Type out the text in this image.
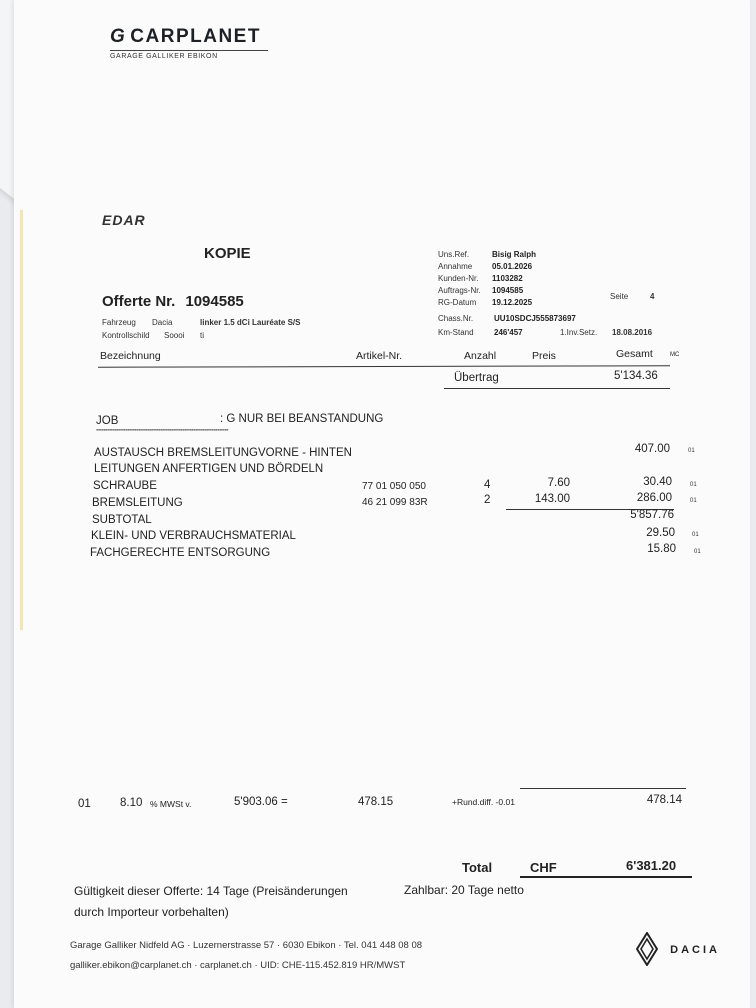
G CARPLANET
GARAGE GALLIKER EBIKON
EDAR
KOPIE
Offerte Nr. 1094585
Uns.Ref.	Bisig Ralph
Annahme 05.01.2026
Kunden-Nr. 1103282
Auftrags-Nr. 1094585
RG-Datum 19.12.2025
Seite	4
Chass.Nr.	UU10SDCJ555873697
Km-Stand	246'457	1.Inv.Setz. 18.08.2016
Fahrzeug Dacia	linker 1.5 dCi Lauréate S/S
Kontrollschild Soooi ti
Bezeichnung	Artikel-Nr.	Anzahl	Preis	Gesamt	MC
Übertrag	5'134.36
JOB	: G NUR BEI BEANSTANDUNG
************************************************************************
AUSTAUSCH BREMSLEITUNGVORNE - HINTEN	407.00	01
LEITUNGEN ANFERTIGEN UND BÖRDELN
SCHRAUBE	77 01 050 050	4	7.60	30.40	01
BREMSLEITUNG	46 21 099 83R	2	143.00	286.00	01
SUBTOTAL	5'857.76
KLEIN- UND VERBRAUCHSMATERIAL	29.50	01
FACHGERECHTE ENTSORGUNG	15.80	01
01	8.10 % MWSt v.	5'903.06 =	478.15	+Rund.diff. -0.01	478.14
Total	CHF	6'381.20
Gültigkeit dieser Offerte: 14 Tage (Preisänderungen
durch Importeur vorbehalten)
Zahlbar: 20 Tage netto
Garage Galliker Nidfeld AG · Luzernerstrasse 57 · 6030 Ebikon · Tel. 041 448 08 08
galliker.ebikon@carplanet.ch · carplanet.ch · UID: CHE-115.452.819 HR/MWST
DACIA
